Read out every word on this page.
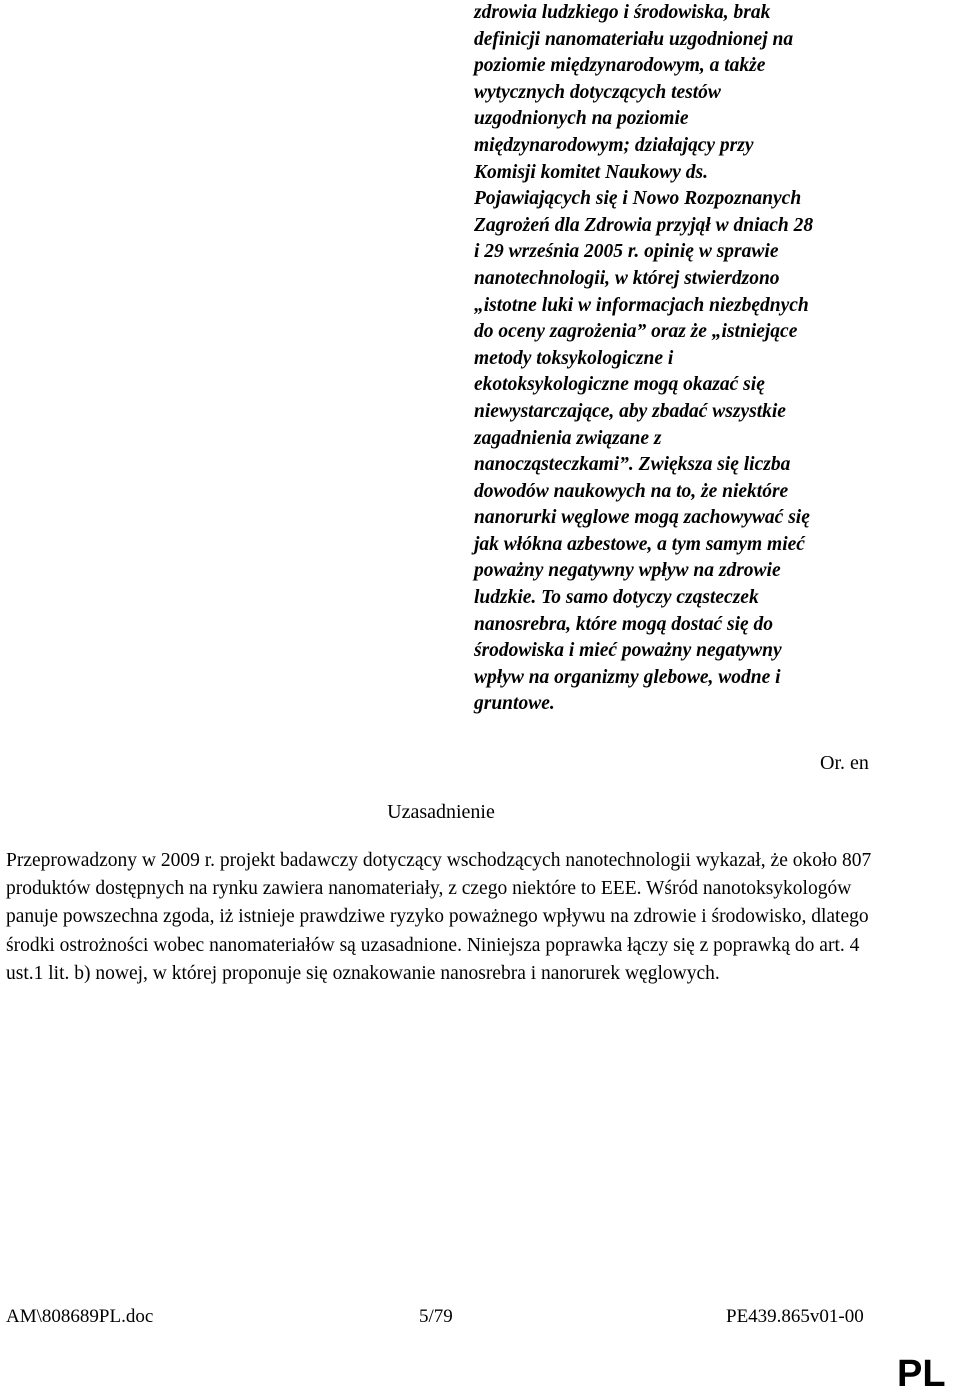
zdrowia ludzkiego i środowiska, brak

definicji nanomateriału uzgodnionej na

poziomie międzynarodowym, a także

wytycznych dotyczących testów

uzgodnionych na poziomie

międzynarodowym; działający przy

Komisji komitet Naukowy ds.

Pojawiających się i Nowo Rozpoznanych

Zagrożeń dla Zdrowia przyjął w dniach 28

i 29 września 2005 r. opinię w sprawie

nanotechnologii, w której stwierdzono

„istotne luki w informacjach niezbędnych

do oceny zagrożenia” oraz że „istniejące

metody toksykologiczne i

ekotoksykologiczne mogą okazać się

niewystarczające, aby zbadać wszystkie

zagadnienia związane z

nanocząsteczkami”. Zwiększa się liczba

dowodów naukowych na to, że niektóre

nanorurki węglowe mogą zachowywać się

jak włókna azbestowe, a tym samym mieć

poważny negatywny wpływ na zdrowie

ludzkie. To samo dotyczy cząsteczek

nanosrebra, które mogą dostać się do

środowiska i mieć poważny negatywny

wpływ na organizmy glebowe, wodne i

gruntowe.

Or. en
Uzasadnienie

Przeprowadzony w 2009 r. projekt badawczy dotyczący wschodzących nanotechnologii wykazał, że około 807 produktów dostępnych na rynku zawiera nanomateriały, z czego niektóre to EEE. Wśród nanotoksykologów panuje powszechna zgoda, iż istnieje prawdziwe ryzyko poważnego wpływu na zdrowie i środowisko, dlatego środki ostrożności wobec nanomateriałów są uzasadnione. Niniejsza poprawka łączy się z poprawką do art. 4 ust.1 lit. b) nowej, w której proponuje się oznakowanie nanosrebra i nanorurek węglowych.

AM\808689PL.doc	5/79	PE439.865v01-00
PL
